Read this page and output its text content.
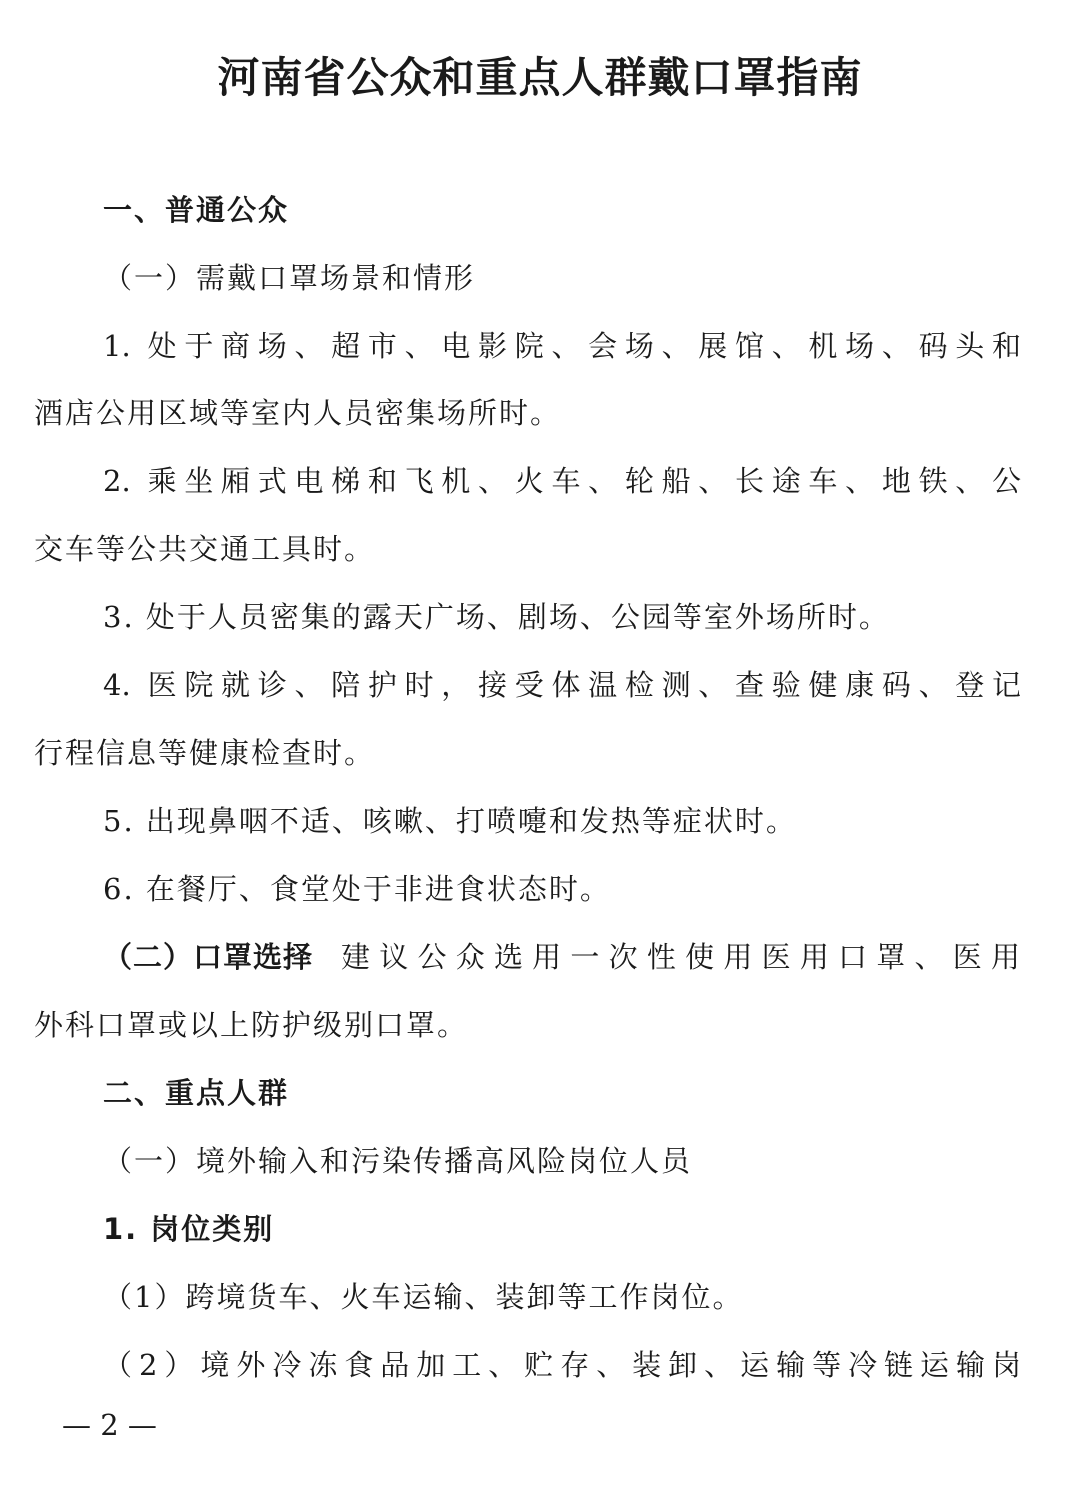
河南省公众和重点人群戴口罩指南
一、普通公众
（一）需戴口罩场景和情形
1. 处于商场、超市、电影院、会场、展馆、机场、码头和
酒店公用区域等室内人员密集场所时。
2. 乘坐厢式电梯和飞机、火车、轮船、长途车、地铁、公
交车等公共交通工具时。
3. 处于人员密集的露天广场、剧场、公园等室外场所时。
4. 医院就诊、陪护时，接受体温检测、查验健康码、登记
行程信息等健康检查时。
5. 出现鼻咽不适、咳嗽、打喷嚏和发热等症状时。
6. 在餐厅、食堂处于非进食状态时。
（二）口罩选择 建议公众选用一次性使用医用口罩、医用
外科口罩或以上防护级别口罩。
二、重点人群
（一）境外输入和污染传播高风险岗位人员
1. 岗位类别
（1）跨境货车、火车运输、装卸等工作岗位。
（2）境外冷冻食品加工、贮存、装卸、运输等冷链运输岗
— 2 —
